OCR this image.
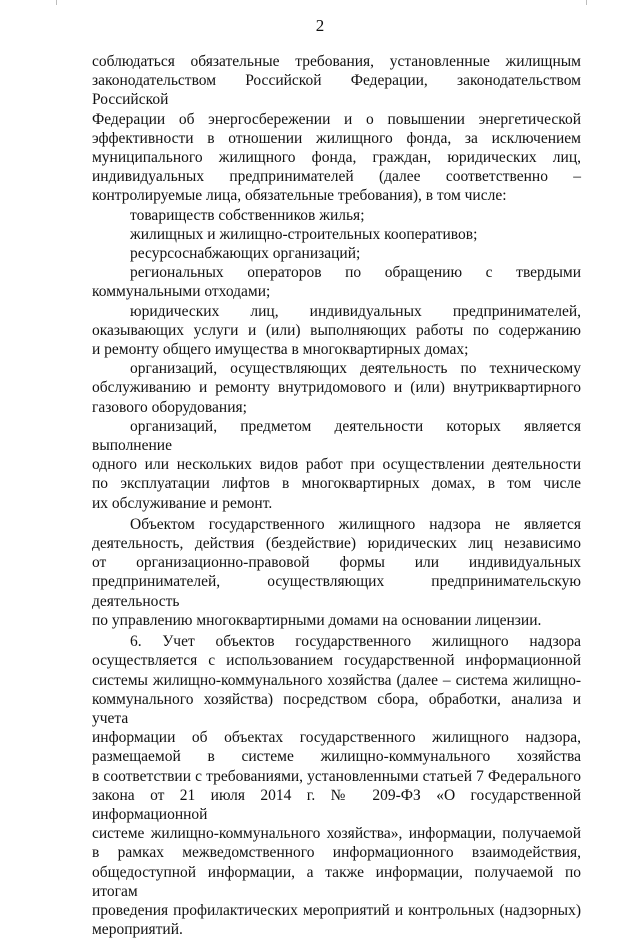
2

соблюдаться обязательные требования, установленные жилищным
законодательством Российской Федерации, законодательством Российской
Федерации об энергосбережении и о повышении энергетической
эффективности в отношении жилищного фонда, за исключением
муниципального жилищного фонда, граждан, юридических лиц,
индивидуальных предпринимателей (далее соответственно –
контролируемые лица, обязательные требования), в том числе:

товариществ собственников жилья;

жилищных и жилищно-строительных кооперативов;

ресурсоснабжающих организаций;

региональных операторов по обращению с твердыми
коммунальными отходами;

юридических лиц, индивидуальных предпринимателей,
оказывающих услуги и (или) выполняющих работы по содержанию
и ремонту общего имущества в многоквартирных домах;

организаций, осуществляющих деятельность по техническому
обслуживанию и ремонту внутридомового и (или) внутриквартирного
газового оборудования;

организаций, предметом деятельности которых является выполнение
одного или нескольких видов работ при осуществлении деятельности
по эксплуатации лифтов в многоквартирных домах, в том числе
их обслуживание и ремонт.

Объектом государственного жилищного надзора не является
деятельность, действия (бездействие) юридических лиц независимо
от организационно-правовой формы или индивидуальных
предпринимателей, осуществляющих предпринимательскую деятельность
по управлению многоквартирными домами на основании лицензии.

6. Учет объектов государственного жилищного надзора
осуществляется с использованием государственной информационной
системы жилищно-коммунального хозяйства (далее – система жилищно-
коммунального хозяйства) посредством сбора, обработки, анализа и учета
информации об объектах государственного жилищного надзора,
размещаемой в системе жилищно-коммунального хозяйства
в соответствии с требованиями, установленными статьей 7 Федерального
закона от 21 июля 2014 г. № 209-ФЗ «О государственной информационной
системе жилищно-коммунального хозяйства», информации, получаемой
в рамках межведомственного информационного взаимодействия,
общедоступной информации, а также информации, получаемой по итогам
проведения профилактических мероприятий и контрольных (надзорных)
мероприятий.
